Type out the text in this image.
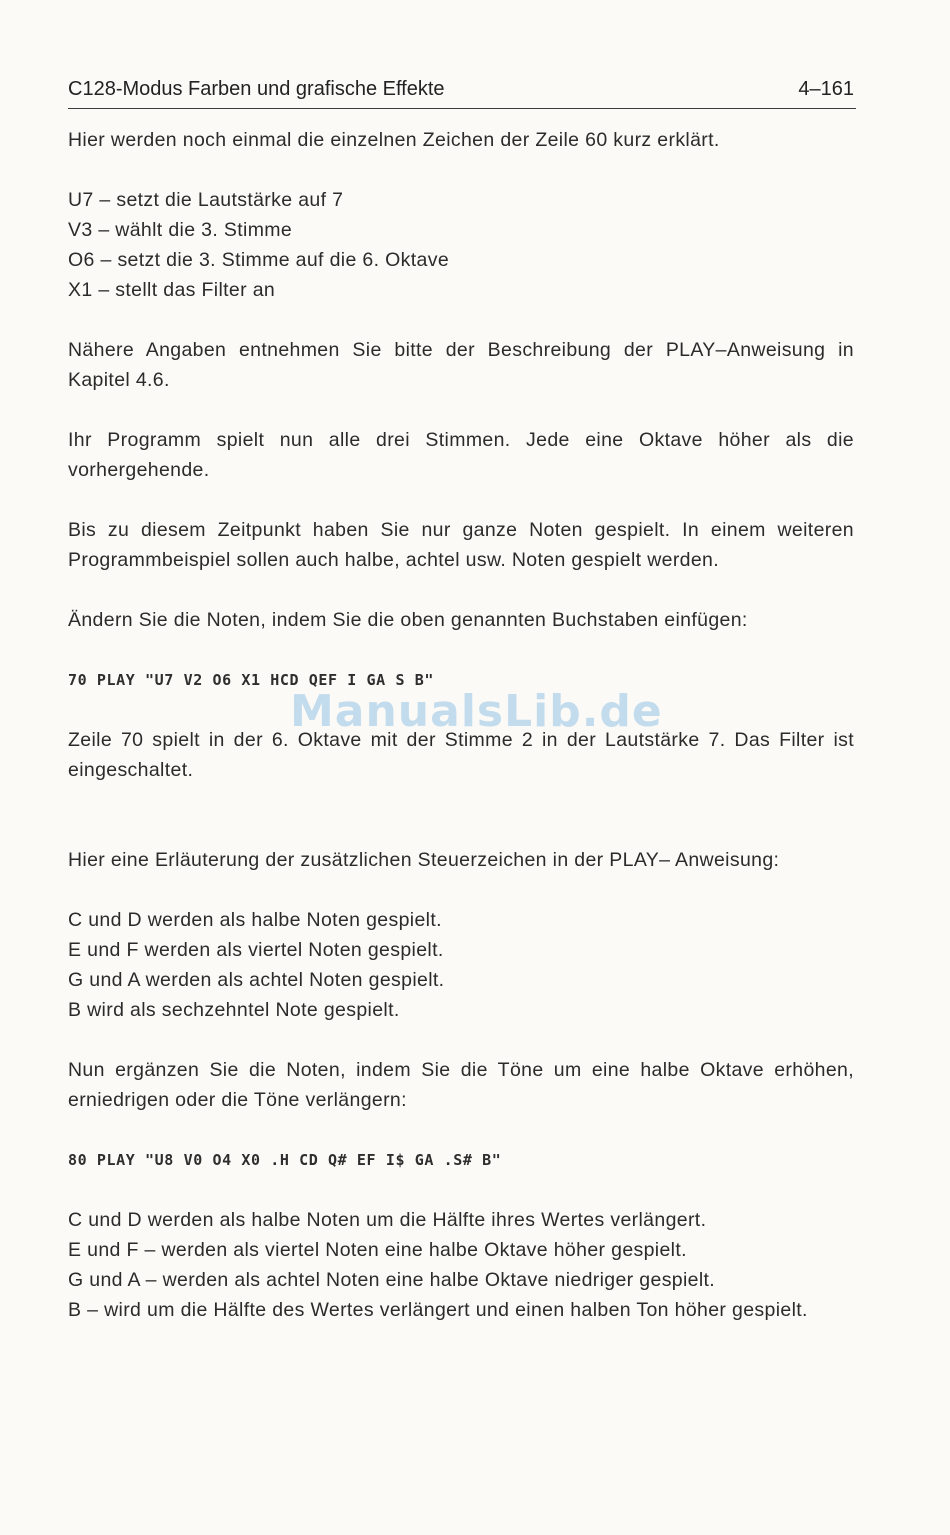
C128-Modus Farben und grafische Effekte	4–161
ManualsLib.de
Hier werden noch einmal die einzelnen Zeichen der Zeile 60 kurz erklärt.
U7 – setzt die Lautstärke auf 7
V3 – wählt die 3. Stimme
O6 – setzt die 3. Stimme auf die 6. Oktave
X1 – stellt das Filter an

Nähere Angaben entnehmen Sie bitte der Beschreibung der PLAY–Anweisung in Kapitel 4.6.

Ihr Programm spielt nun alle drei Stimmen. Jede eine Oktave höher als die vorhergehende.

Bis zu diesem Zeitpunkt haben Sie nur ganze Noten gespielt. In einem weiteren Programmbeispiel sollen auch halbe, achtel usw. Noten gespielt werden.

Ändern Sie die Noten, indem Sie die oben genannten Buchstaben einfügen:
70 PLAY "U7 V2 O6 X1 HCD QEF I GA S B"

Zeile 70 spielt in der 6. Oktave mit der Stimme 2 in der Lautstärke 7. Das Filter ist eingeschaltet.

Hier eine Erläuterung der zusätzlichen Steuerzeichen in der PLAY– Anweisung:

C und D werden als halbe Noten gespielt.
E und F werden als viertel Noten gespielt.
G und A werden als achtel Noten gespielt.
B wird als sechzehntel Note gespielt.

Nun ergänzen Sie die Noten, indem Sie die Töne um eine halbe Oktave erhöhen, erniedrigen oder die Töne verlängern:

80 PLAY "U8 V0 O4 X0 .H CD Q# EF I$ GA .S# B"
C und D werden als halbe Noten um die Hälfte ihres Wertes verlängert.
E und F – werden als viertel Noten eine halbe Oktave höher gespielt.
G und A – werden als achtel Noten eine halbe Oktave niedriger gespielt.

B – wird um die Hälfte des Wertes verlängert und einen halben Ton höher gespielt.
